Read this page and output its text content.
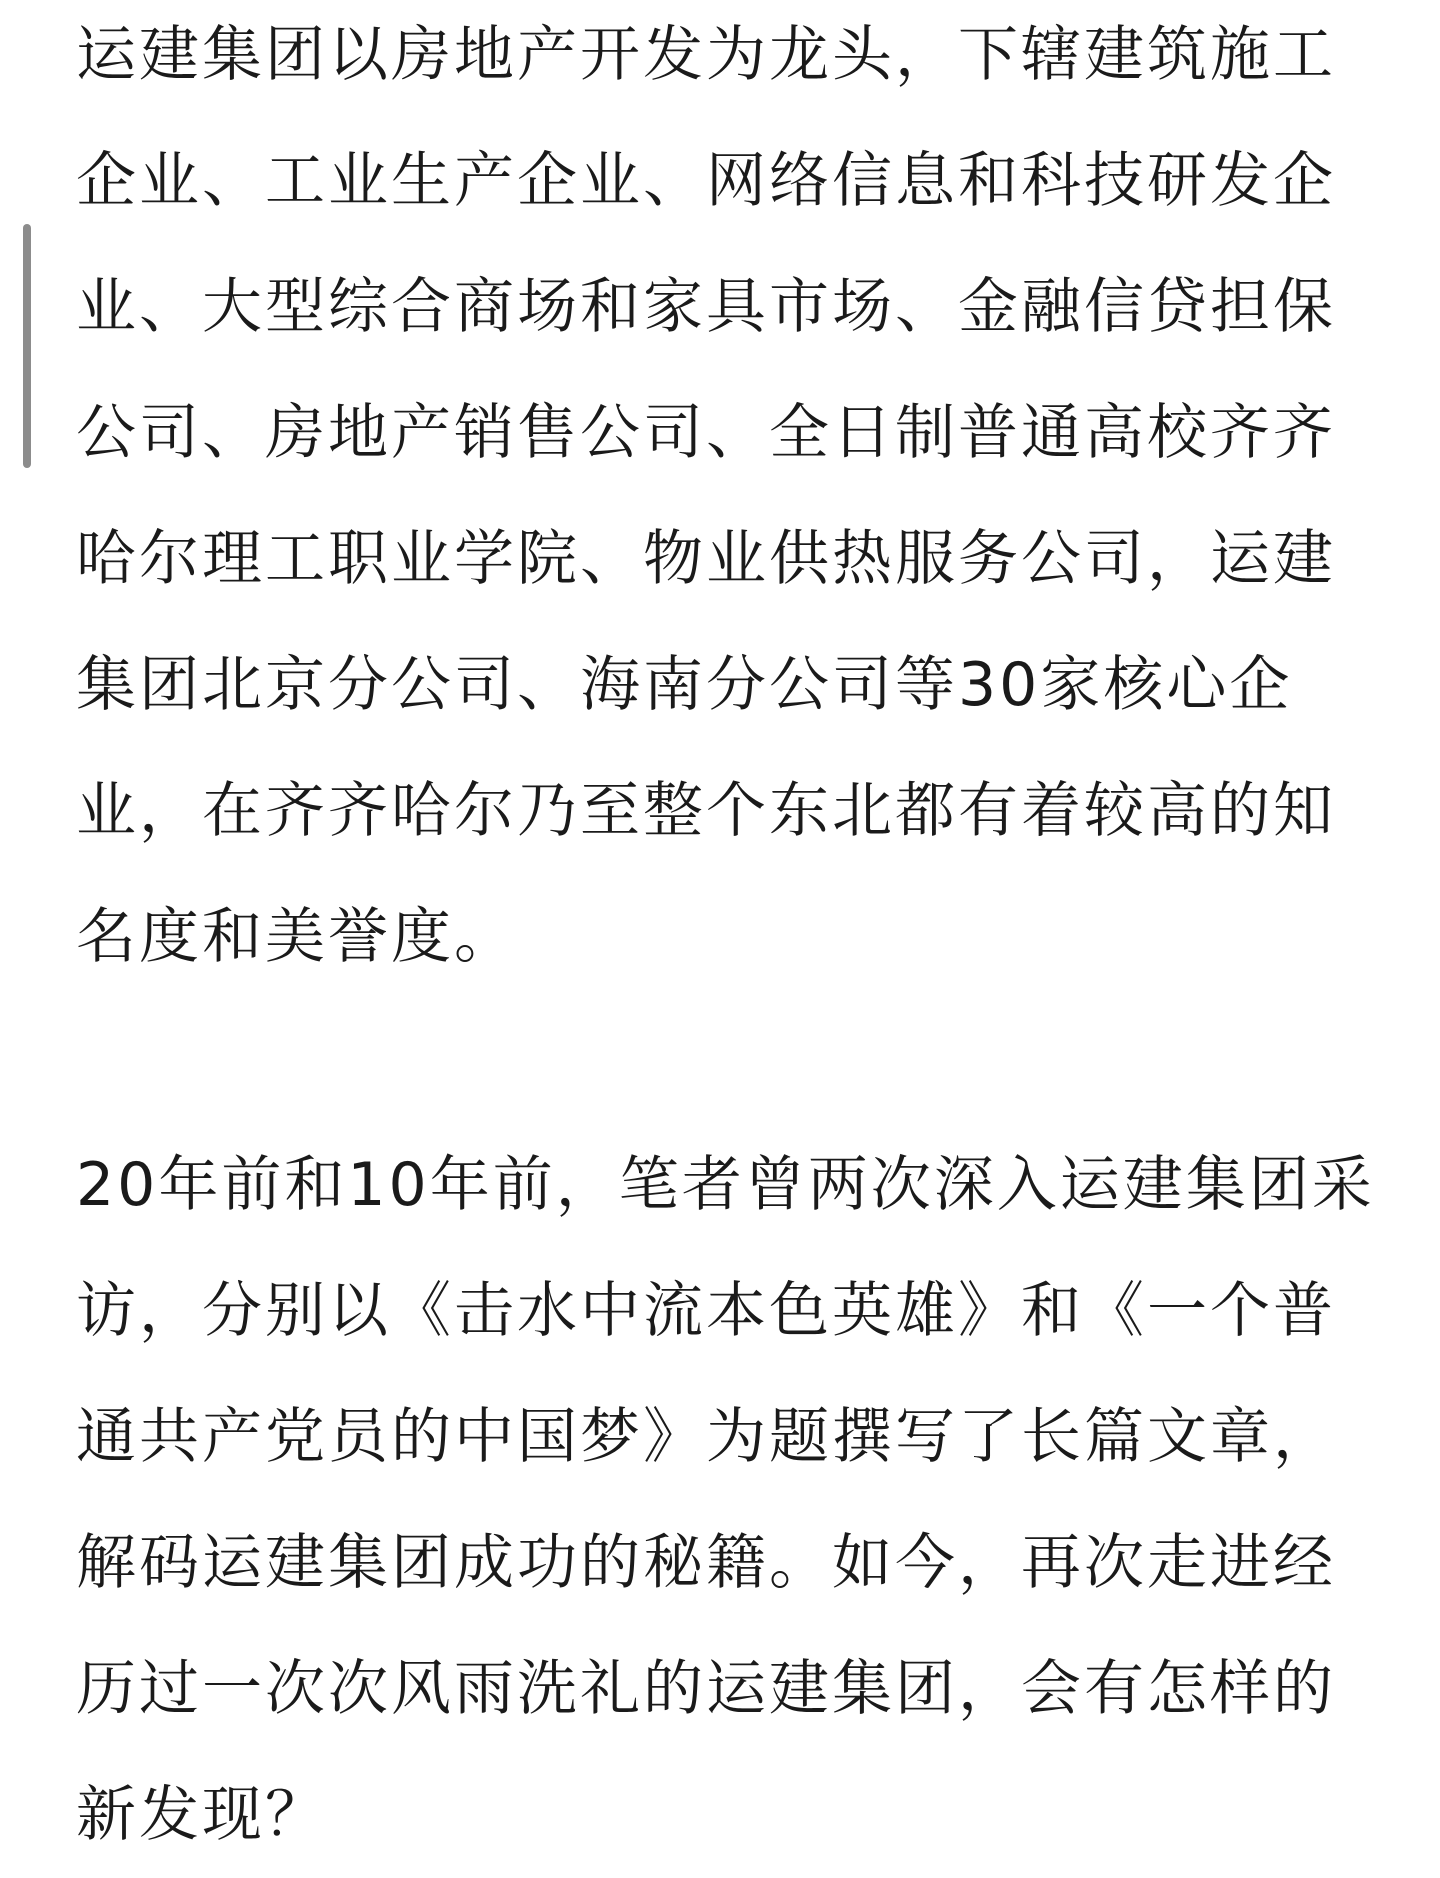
运建集团以房地产开发为龙头，下辖建筑施工
企业、工业生产企业、网络信息和科技研发企
业、大型综合商场和家具市场、金融信贷担保
公司、房地产销售公司、全日制普通高校齐齐
哈尔理工职业学院、物业供热服务公司，运建
集团北京分公司、海南分公司等30家核心企
业，在齐齐哈尔乃至整个东北都有着较高的知
名度和美誉度。

20年前和10年前，笔者曾两次深入运建集团采
访，分别以《击水中流本色英雄》和《一个普
通共产党员的中国梦》为题撰写了长篇文章，
解码运建集团成功的秘籍。如今，再次走进经
历过一次次风雨洗礼的运建集团，会有怎样的
新发现？
